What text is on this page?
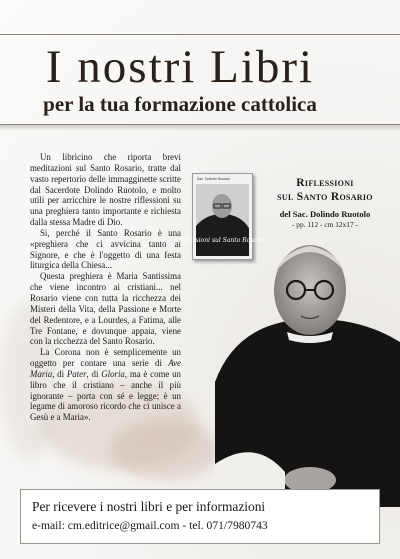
I nostri Libri
per la tua formazione cattolica

Un libricino che riporta brevi meditazioni sul Santo Rosario, tratte dal vasto repertorio delle immagginette scritte dal Sacerdote Dolindo Ruotolo, e molto utili per arricchire le nostre riflessioni su una preghiera tanto importante e richiesta dalla stessa Madre di Dio.

Si, perché il Santo Rosario è una «preghiera che ci avvicina tanto al Signore, e che è l'oggetto di una festa liturgica della Chiesa...

Questa preghiera è Maria Santissima che viene incontro ai cristiani... nel Rosario viene con tutta la ricchezza dei Misteri della Vita, della Passione e Morte del Redentore, e a Lourdes, a Fatima, alle Tre Fontane, e dovunque appaia, viene con la ricchezza del Santo Rosario.

La Corona non è semplicemente un oggetto per contare una serie di Ave Maria, di Pater, di Gloria, ma è come un libro che il cristiano – anche il più ignorante – porta con sé e legge; è un legame di amoroso ricordo che ci unisce a Gesù e a Maria».

Sac. Dolindo Ruotolo
Riflessioni sul Santo Rosario
Riflessioni
sul Santo Rosario
del Sac. Dolindo Ruotolo
- pp. 112 - cm 12x17 -
Per ricevere i nostri libri e per informazioni
e-mail: cm.editrice@gmail.com - tel. 071/7980743
